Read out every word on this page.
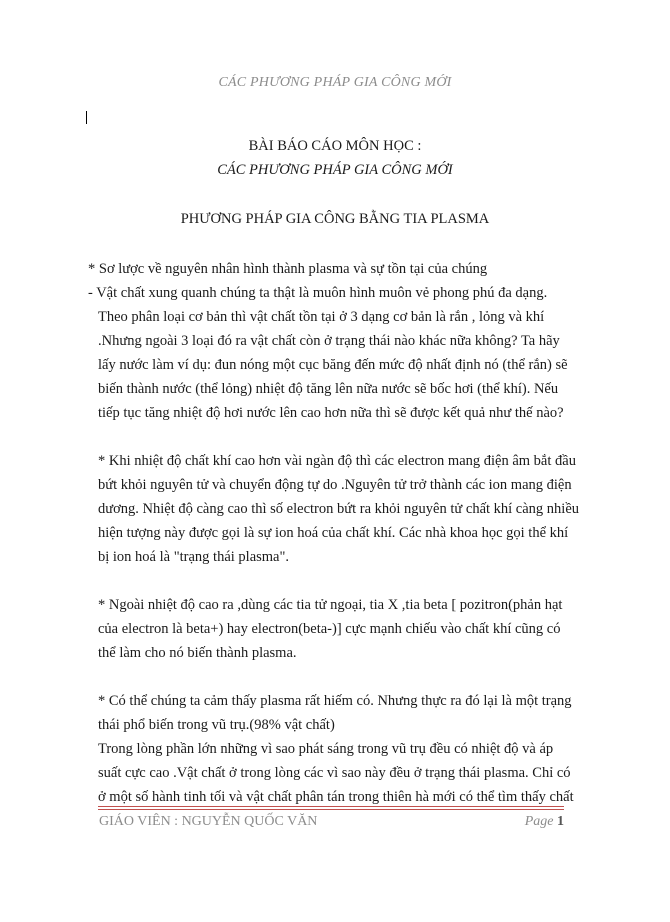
CÁC PHƯƠNG PHÁP GIA CÔNG MỚI
BÀI BÁO CÁO MÔN HỌC :
CÁC PHƯƠNG PHÁP GIA CÔNG MỚI
PHƯƠNG PHÁP GIA CÔNG BẰNG TIA PLASMA
* Sơ lược về nguyên nhân hình thành plasma và sự tồn tại của chúng
- Vật chất xung quanh chúng ta thật là muôn hình muôn vẻ phong phú đa dạng.
Theo phân loại cơ bản thì vật chất tồn tại ở 3 dạng cơ bản là rắn , lỏng và khí
.Nhưng ngoài 3 loại đó ra vật chất còn ở trạng thái nào khác nữa không? Ta hãy
lấy nước làm ví dụ: đun nóng một cục băng đến mức độ nhất định nó (thể rắn) sẽ
biến thành nước (thể lỏng) nhiệt độ tăng lên nữa nước sẽ bốc hơi (thể khí). Nếu
tiếp tục tăng nhiệt độ hơi nước lên cao hơn nữa thì sẽ được kết quả như thế nào?
* Khi nhiệt độ chất khí cao hơn vài ngàn độ thì các electron mang điện âm bắt đầu
bứt khỏi nguyên tử và chuyển động tự do .Nguyên tử trở thành các ion mang điện
dương. Nhiệt độ càng cao thì số electron bứt ra khỏi nguyên tử chất khí càng nhiều
hiện tượng này được gọi là sự ion hoá của chất khí. Các nhà khoa học gọi thể khí
bị ion hoá là "trạng thái plasma".
* Ngoài nhiệt độ cao ra ,dùng các tia tử ngoại, tia X ,tia beta [ pozitron(phản hạt
của electron là beta+) hay electron(beta-)] cực mạnh chiếu vào chất khí cũng có
thể làm cho nó biến thành plasma.
* Có thể chúng ta cảm thấy plasma rất hiếm có. Nhưng thực ra đó lại là một trạng
thái phổ biến trong vũ trụ.(98% vật chất)
Trong lòng phần lớn những vì sao phát sáng trong vũ trụ đều có nhiệt độ và áp
suất cực cao .Vật chất ở trong lòng các vì sao này đều ở trạng thái plasma. Chỉ có
ở một số hành tinh tối và vật chất phân tán trong thiên hà mới có thể tìm thấy chất
GIÁO VIÊN : NGUYỄN QUỐC VĂN	Page 1
